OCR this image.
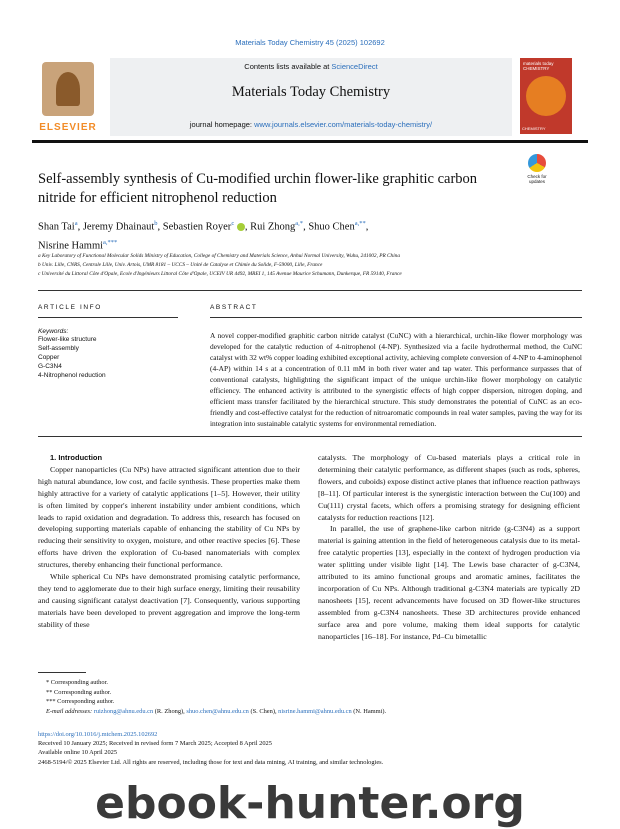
Materials Today Chemistry 45 (2025) 102692
ELSEVIER
Contents lists available at ScienceDirect
Materials Today Chemistry
journal homepage: www.journals.elsevier.com/materials-today-chemistry/
materials today CHEMISTRY
CHEMISTRY
Self-assembly synthesis of Cu-modified urchin flower-like graphitic carbon nitride for efficient nitrophenol reduction
Check for updates
Shan Tai$^a$, Jeremy Dhainaut$^b$, Sebastien Royer$^c$ , Rui Zhong$^{a,*}$, Shuo Chen$^{a,**}$,
Nisrine Hammi$^{a,***}$
a Key Laboratory of Functional Molecular Solids Ministry of Education, College of Chemistry and Materials Science, Anhui Normal University, Wuhu, 241002, PR China
b Univ. Lille, CNRS, Centrale Lille, Univ. Artois, UMR 8181 – UCCS – Unité de Catalyse et Chimie du Solide, F-59000, Lille, France
c Université du Littoral Côte d'Opale, Ecole d'Ingénieurs Littoral Côte d'Opale, UCEIV UR 4492, MREI 1, 145 Avenue Maurice Schumann, Dunkerque, FR 59140, France
ARTICLE INFO
Keywords:
Flower-like structure
Self-assembly
Copper
G-C3N4
4-Nitrophenol reduction
ABSTRACT
A novel copper-modified graphitic carbon nitride catalyst (CuNC) with a hierarchical, urchin-like flower morphology was developed for the catalytic reduction of 4-nitrophenol (4-NP). Synthesized via a facile hydrothermal method, the CuNC catalyst with 32 wt% copper loading exhibited exceptional activity, achieving complete conversion of 4-NP to 4-aminophenol (4-AP) within 14 s at a concentration of 0.11 mM in both river water and tap water. This performance surpasses that of conventional catalysts, highlighting the significant impact of the unique urchin-like flower morphology on catalytic efficiency. The enhanced activity is attributed to the synergistic effects of high copper dispersion, nitrogen doping, and efficient mass transfer facilitated by the hierarchical structure. This study demonstrates the potential of CuNC as an eco-friendly and cost-effective catalyst for the reduction of nitroaromatic compounds in real water samples, paving the way for its integration into sustainable catalytic systems for environmental remediation.

1. Introduction

Copper nanoparticles (Cu NPs) have attracted significant attention due to their high natural abundance, low cost, and facile synthesis. These properties make them highly attractive for a variety of catalytic applications [1–5]. However, their utility is often limited by copper's inherent instability under ambient conditions, which leads to rapid oxidation and degradation. To address this, research has focused on developing supporting materials capable of enhancing the stability of Cu NPs by reducing their sensitivity to oxygen, moisture, and other reactive species [6]. These efforts have driven the exploration of Cu-based nanomaterials with complex structures, thereby enhancing their functional performance.

While spherical Cu NPs have demonstrated promising catalytic performance, they tend to agglomerate due to their high surface energy, limiting their reusability and causing significant catalyst deactivation [7]. Consequently, various supporting materials have been developed to prevent aggregation and improve the long-term stability of these

catalysts. The morphology of Cu-based materials plays a critical role in determining their catalytic performance, as different shapes (such as rods, spheres, flowers, and cuboids) expose distinct active planes that influence reaction pathways [8–11]. Of particular interest is the synergistic interaction between the Cu(100) and Cu(111) crystal facets, which offers a promising strategy for designing efficient catalysts for reduction reactions [12].

In parallel, the use of graphene-like carbon nitride (g-C3N4) as a support material is gaining attention in the field of heterogeneous catalysis due to its metal-free catalytic properties [13], especially in the context of hydrogen production via water splitting under visible light [14]. The Lewis base character of g-C3N4, attributed to its amino functional groups and aromatic amines, facilitates the incorporation of Cu NPs. Although traditional g-C3N4 materials are typically 2D nanosheets [15], recent advancements have focused on 3D flower-like structures assembled from g-C3N4 nanosheets. These 3D architectures provide enhanced surface area and pore volume, making them ideal supports for catalytic nanoparticles [16–18]. For instance, Pd–Cu bimetallic

* Corresponding author.
** Corresponding author.
*** Corresponding author.
E-mail addresses: ruizhong@ahnu.edu.cn (R. Zhong), shuo.chen@ahnu.edu.cn (S. Chen), nisrine.hammi@ahnu.edu.cn (N. Hammi).
https://doi.org/10.1016/j.mtchem.2025.102692
Received 10 January 2025; Received in revised form 7 March 2025; Accepted 8 April 2025
Available online 10 April 2025
2468-5194/© 2025 Elsevier Ltd. All rights are reserved, including those for text and data mining, AI training, and similar technologies.
ebook-hunter.org
